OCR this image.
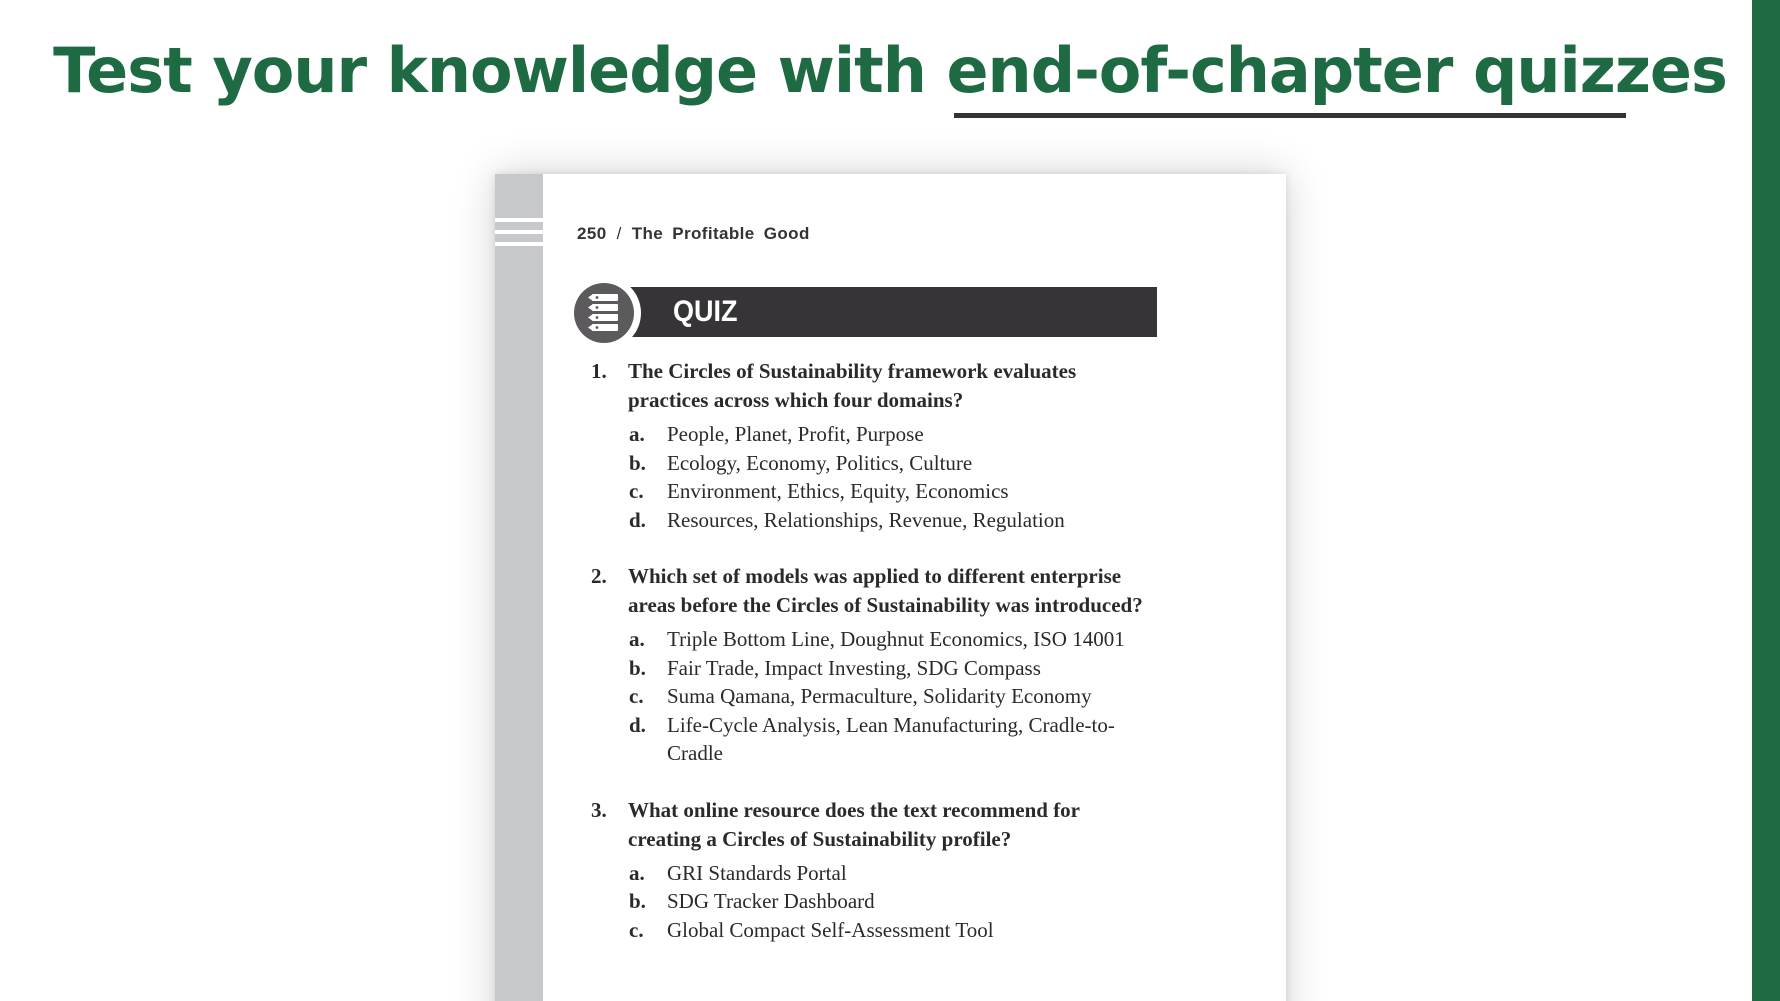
Test your knowledge with end-of-chapter quizzes
250 / The Profitable Good
QUIZ
1.	The Circles of Sustainability framework evaluates practices across which four domains?
a.	People, Planet, Profit, Purpose
b.	Ecology, Economy, Politics, Culture
c.	Environment, Ethics, Equity, Economics
d.	Resources, Relationships, Revenue, Regulation
2.	Which set of models was applied to different enterprise areas before the Circles of Sustainability was introduced?
a.	Triple Bottom Line, Doughnut Economics, ISO 14001
b.	Fair Trade, Impact Investing, SDG Compass
c.	Suma Qamana, Permaculture, Solidarity Economy
d.	Life-Cycle Analysis, Lean Manufacturing, Cradle-to-Cradle
3.	What online resource does the text recommend for creating a Circles of Sustainability profile?
a.	GRI Standards Portal
b.	SDG Tracker Dashboard
c.	Global Compact Self-Assessment Tool
